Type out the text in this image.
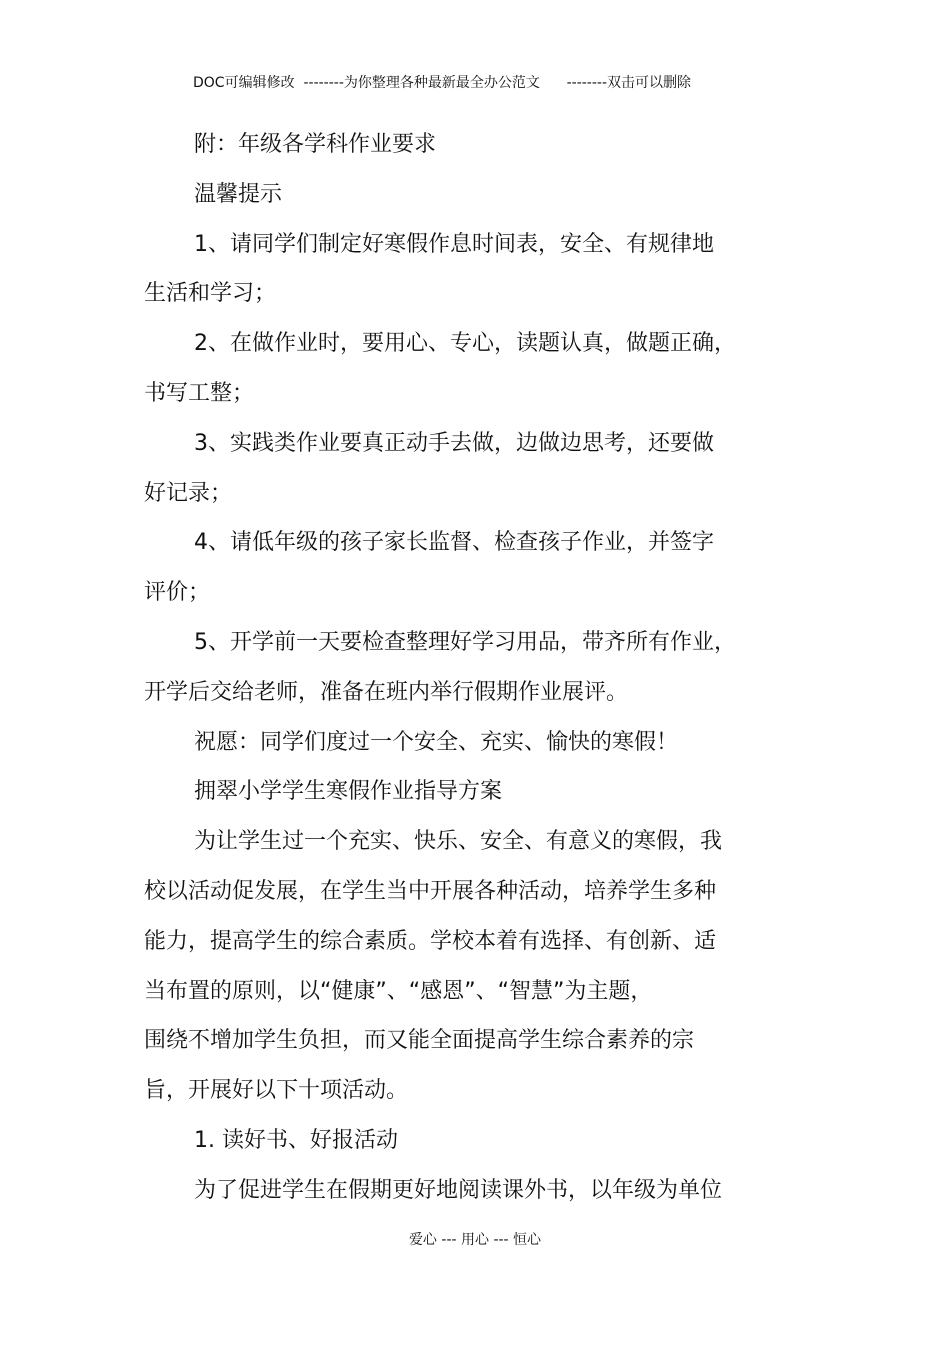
DOC可编辑修改  --------为你整理各种最新最全办公范文      --------双击可以删除
附：年级各学科作业要求
温馨提示
1、请同学们制定好寒假作息时间表，安全、有规律地
生活和学习；
2、在做作业时，要用心、专心，读题认真，做题正确，
书写工整；
3、实践类作业要真正动手去做，边做边思考，还要做
好记录；
4、请低年级的孩子家长监督、检查孩子作业，并签字
评价；
5、开学前一天要检查整理好学习用品，带齐所有作业，
开学后交给老师，准备在班内举行假期作业展评。
祝愿：同学们度过一个安全、充实、愉快的寒假！
拥翠小学学生寒假作业指导方案
为让学生过一个充实、快乐、安全、有意义的寒假，我
校以活动促发展，在学生当中开展各种活动，培养学生多种
能力，提高学生的综合素质。学校本着有选择、有创新、适
当布置的原则，以“健康”、“感恩”、“智慧”为主题，
围绕不增加学生负担，而又能全面提高学生综合素养的宗
旨，开展好以下十项活动。
1. 读好书、好报活动
为了促进学生在假期更好地阅读课外书，以年级为单位
爱心 --- 用心 --- 恒心
